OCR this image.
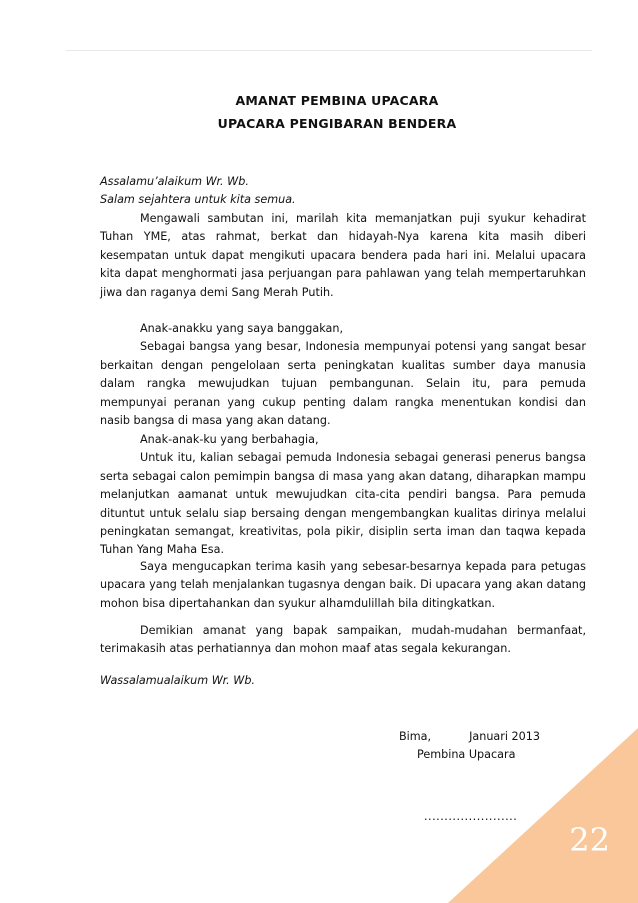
AMANAT PEMBINA UPACARA
UPACARA PENGIBARAN BENDERA

Assalamu’alaikum Wr. Wb.

Salam sejahtera untuk kita semua.

Mengawali sambutan ini, marilah kita memanjatkan puji syukur kehadirat Tuhan YME, atas rahmat, berkat dan hidayah-Nya karena kita masih diberi kesempatan untuk dapat mengikuti upacara bendera pada hari ini. Melalui upacara kita dapat menghormati jasa perjuangan para pahlawan yang telah mempertaruhkan jiwa dan raganya demi Sang Merah Putih.

Anak-anakku yang saya banggakan,

Sebagai bangsa yang besar, Indonesia mempunyai potensi yang sangat besar berkaitan dengan pengelolaan serta peningkatan kualitas sumber daya manusia dalam rangka mewujudkan tujuan pembangunan. Selain itu, para pemuda mempunyai peranan yang cukup penting dalam rangka menentukan kondisi dan nasib bangsa di masa yang akan datang.

Anak-anak-ku yang berbahagia,

Untuk itu, kalian sebagai pemuda Indonesia sebagai generasi penerus bangsa serta sebagai calon pemimpin bangsa di masa yang akan datang, diharapkan mampu melanjutkan aamanat untuk mewujudkan cita-cita pendiri bangsa. Para pemuda dituntut untuk selalu siap bersaing dengan mengembangkan kualitas dirinya melalui peningkatan semangat, kreativitas, pola pikir, disiplin serta iman dan taqwa kepada Tuhan Yang Maha Esa.

Saya mengucapkan terima kasih yang sebesar-besarnya kepada para petugas upacara yang telah menjalankan tugasnya dengan baik. Di upacara yang akan datang mohon bisa dipertahankan dan syukur alhamdulillah bila ditingkatkan.

Demikian amanat yang bapak sampaikan, mudah-mudahan bermanfaat,

terimakasih atas perhatiannya dan mohon maaf atas segala kekurangan.

Wassalamualaikum Wr. Wb.

Bima,	Januari 2013
Pembina Upacara
.......................
22
